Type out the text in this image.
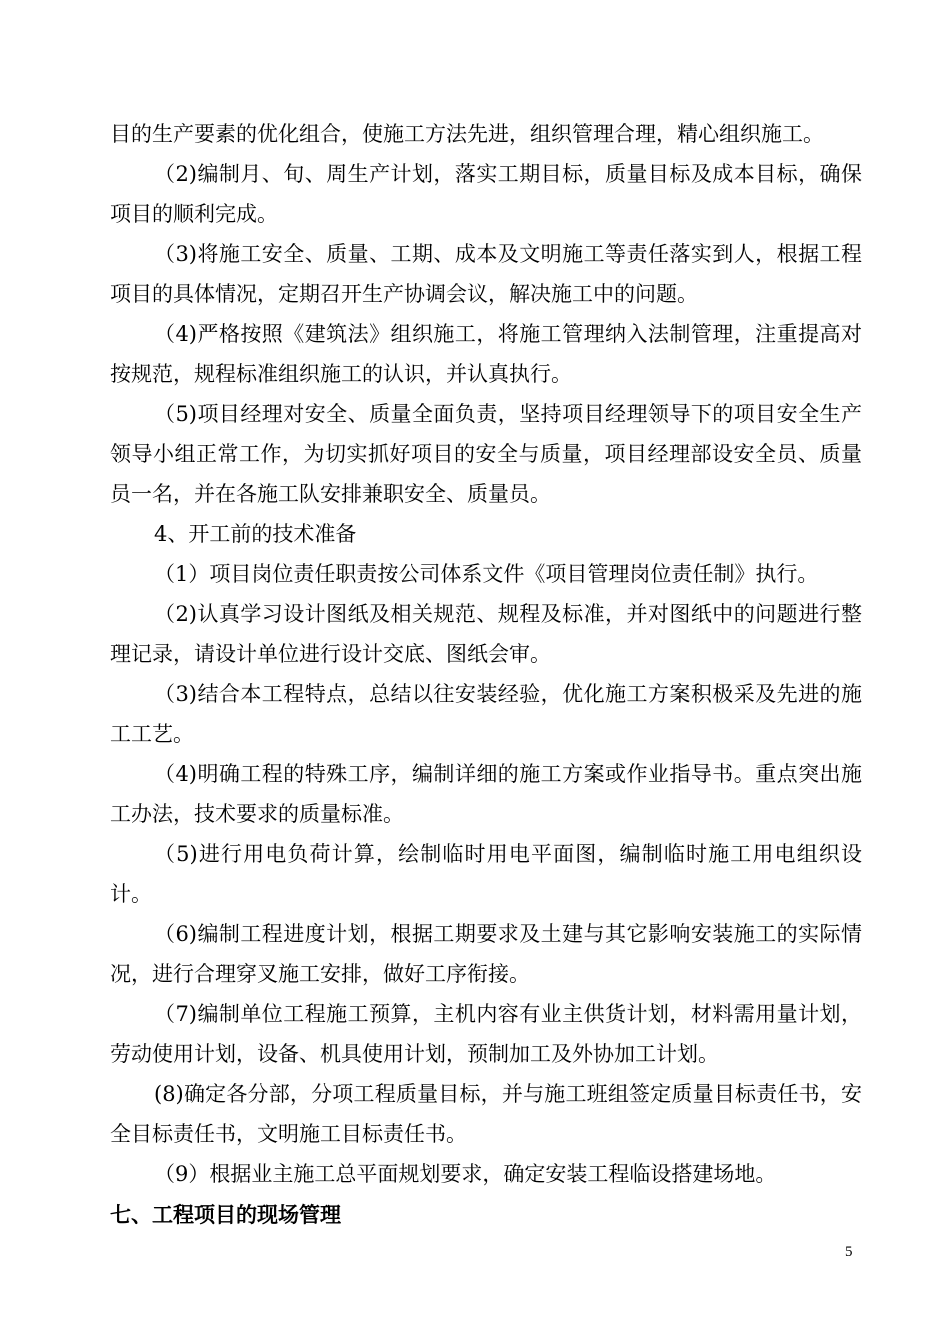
目的生产要素的优化组合，使施工方法先进，组织管理合理，精心组织施工。

（2)编制月、旬、周生产计划，落实工期目标，质量目标及成本目标，确保项目的顺利完成。

（3)将施工安全、质量、工期、成本及文明施工等责任落实到人，根据工程项目的具体情况，定期召开生产协调会议，解决施工中的问题。

（4)严格按照《建筑法》组织施工，将施工管理纳入法制管理，注重提高对按规范，规程标准组织施工的认识，并认真执行。

（5)项目经理对安全、质量全面负责，坚持项目经理领导下的项目安全生产领导小组正常工作，为切实抓好项目的安全与质量，项目经理部设安全员、质量员一名，并在各施工队安排兼职安全、质量员。

4、开工前的技术准备

（1）项目岗位责任职责按公司体系文件《项目管理岗位责任制》执行。

（2)认真学习设计图纸及相关规范、规程及标准，并对图纸中的问题进行整理记录，请设计单位进行设计交底、图纸会审。

（3)结合本工程特点，总结以往安装经验，优化施工方案积极采及先进的施工工艺。

（4)明确工程的特殊工序，编制详细的施工方案或作业指导书。重点突出施工办法，技术要求的质量标准。

（5)进行用电负荷计算，绘制临时用电平面图，编制临时施工用电组织设计。

（6)编制工程进度计划，根据工期要求及土建与其它影响安装施工的实际情况，进行合理穿叉施工安排，做好工序衔接。

（7)编制单位工程施工预算，主机内容有业主供货计划，材料需用量计划，劳动使用计划，设备、机具使用计划，预制加工及外协加工计划。

(8)确定各分部，分项工程质量目标，并与施工班组签定质量目标责任书，安全目标责任书，文明施工目标责任书。

（9）根据业主施工总平面规划要求，确定安装工程临设搭建场地。

七、工程项目的现场管理
5
